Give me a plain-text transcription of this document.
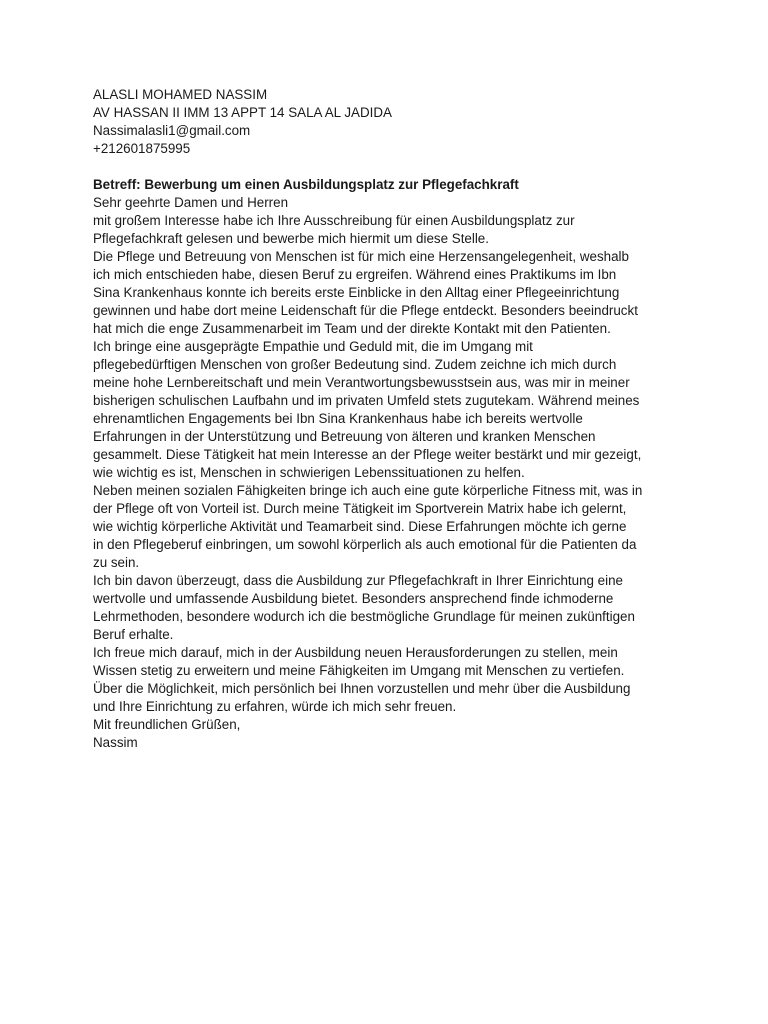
ALASLI MOHAMED NASSIM

AV HASSAN II IMM 13 APPT 14 SALA AL JADIDA

Nassimalasli1@gmail.com

+212601875995

Betreff: Bewerbung um einen Ausbildungsplatz zur Pflegefachkraft

Sehr geehrte Damen und Herren

mit großem Interesse habe ich Ihre Ausschreibung für einen Ausbildungsplatz zur
Pflegefachkraft gelesen und bewerbe mich hiermit um diese Stelle.

Die Pflege und Betreuung von Menschen ist für mich eine Herzensangelegenheit, weshalb
ich mich entschieden habe, diesen Beruf zu ergreifen. Während eines Praktikums im Ibn
Sina Krankenhaus konnte ich bereits erste Einblicke in den Alltag einer Pflegeeinrichtung
gewinnen und habe dort meine Leidenschaft für die Pflege entdeckt. Besonders beeindruckt
hat mich die enge Zusammenarbeit im Team und der direkte Kontakt mit den Patienten.

Ich bringe eine ausgeprägte Empathie und Geduld mit, die im Umgang mit
pflegebedürftigen Menschen von großer Bedeutung sind. Zudem zeichne ich mich durch
meine hohe Lernbereitschaft und mein Verantwortungsbewusstsein aus, was mir in meiner
bisherigen schulischen Laufbahn und im privaten Umfeld stets zugutekam. Während meines
ehrenamtlichen Engagements bei Ibn Sina Krankenhaus habe ich bereits wertvolle
Erfahrungen in der Unterstützung und Betreuung von älteren und kranken Menschen
gesammelt. Diese Tätigkeit hat mein Interesse an der Pflege weiter bestärkt und mir gezeigt,
wie wichtig es ist, Menschen in schwierigen Lebenssituationen zu helfen.

Neben meinen sozialen Fähigkeiten bringe ich auch eine gute körperliche Fitness mit, was in
der Pflege oft von Vorteil ist. Durch meine Tätigkeit im Sportverein Matrix habe ich gelernt,
wie wichtig körperliche Aktivität und Teamarbeit sind. Diese Erfahrungen möchte ich gerne
in den Pflegeberuf einbringen, um sowohl körperlich als auch emotional für die Patienten da
zu sein.

Ich bin davon überzeugt, dass die Ausbildung zur Pflegefachkraft in Ihrer Einrichtung eine
wertvolle und umfassende Ausbildung bietet. Besonders ansprechend finde ichmoderne
Lehrmethoden, besondere wodurch ich die bestmögliche Grundlage für meinen zukünftigen
Beruf erhalte.

Ich freue mich darauf, mich in der Ausbildung neuen Herausforderungen zu stellen, mein
Wissen stetig zu erweitern und meine Fähigkeiten im Umgang mit Menschen zu vertiefen.
Über die Möglichkeit, mich persönlich bei Ihnen vorzustellen und mehr über die Ausbildung
und Ihre Einrichtung zu erfahren, würde ich mich sehr freuen.

Mit freundlichen Grüßen,

Nassim
